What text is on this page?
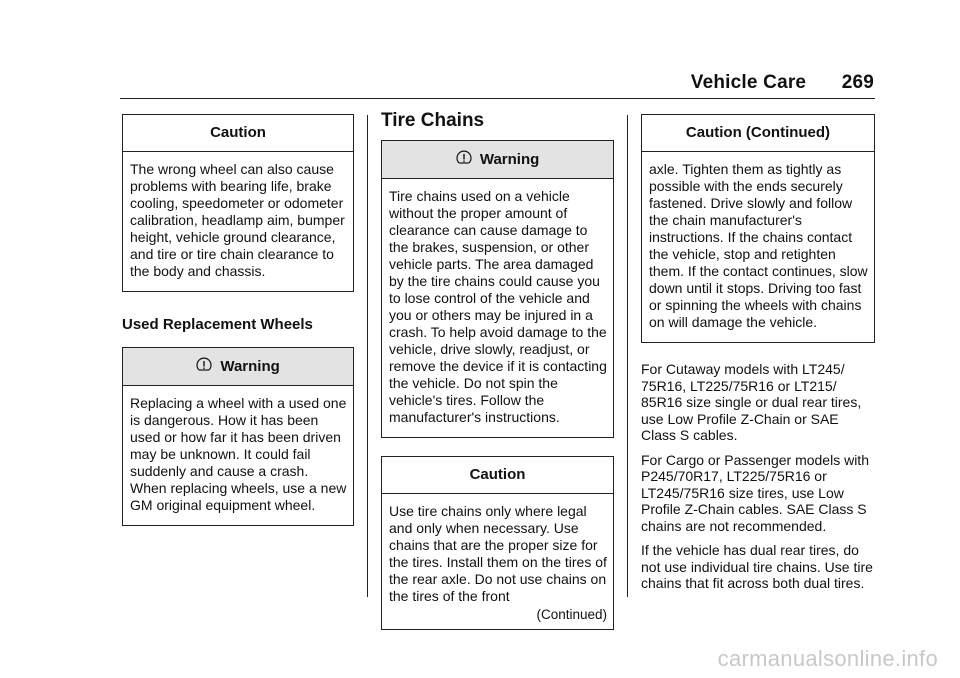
Vehicle Care 269
Caution
The wrong wheel can also cause problems with bearing life, brake cooling, speedometer or odometer calibration, headlamp aim, bumper height, vehicle ground clearance, and tire or tire chain clearance to the body and chassis.
Used Replacement Wheels
Warning
Replacing a wheel with a used one is dangerous. How it has been used or how far it has been driven may be unknown. It could fail suddenly and cause a crash. When replacing wheels, use a new GM original equipment wheel.
Tire Chains
Warning
Tire chains used on a vehicle without the proper amount of clearance can cause damage to the brakes, suspension, or other vehicle parts. The area damaged by the tire chains could cause you to lose control of the vehicle and you or others may be injured in a crash. To help avoid damage to the vehicle, drive slowly, readjust, or remove the device if it is contacting the vehicle. Do not spin the vehicle's tires. Follow the manufacturer's instructions.
Caution
Use tire chains only where legal and only when necessary. Use chains that are the proper size for the tires. Install them on the tires of the rear axle. Do not use chains on the tires of the front
(Continued)
Caution (Continued)
axle. Tighten them as tightly as possible with the ends securely fastened. Drive slowly and follow the chain manufacturer's instructions. If the chains contact the vehicle, stop and retighten them. If the contact continues, slow down until it stops. Driving too fast or spinning the wheels with chains on will damage the vehicle.

For Cutaway models with LT245/ 75R16, LT225/75R16 or LT215/ 85R16 size single or dual rear tires, use Low Profile Z-Chain or SAE Class S cables.

For Cargo or Passenger models with P245/70R17, LT225/75R16 or LT245/75R16 size tires, use Low Profile Z-Chain cables. SAE Class S chains are not recommended.

If the vehicle has dual rear tires, do not use individual tire chains. Use tire chains that fit across both dual tires.

carmanualsonline.info
